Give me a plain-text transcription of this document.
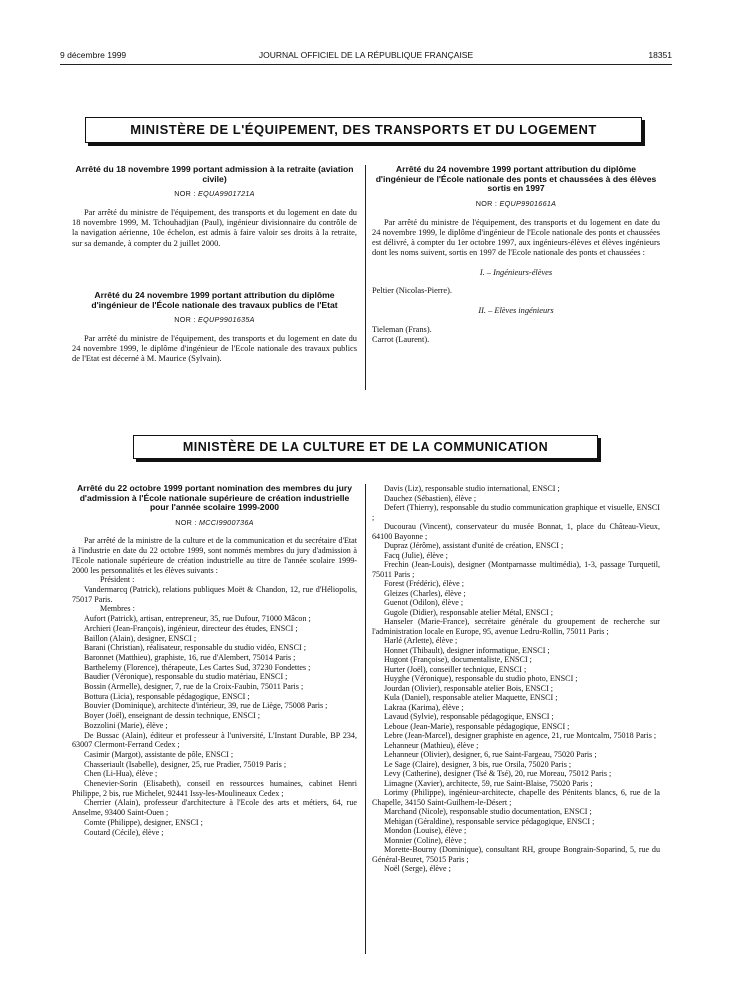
9 décembre 1999	JOURNAL OFFICIEL DE LA RÉPUBLIQUE FRANÇAISE	18351
MINISTÈRE DE L'ÉQUIPEMENT, DES TRANSPORTS ET DU LOGEMENT
Arrêté du 18 novembre 1999 portant admission à la retraite (aviation civile)
NOR : EQUA9901721A

Par arrêté du ministre de l'équipement, des transports et du logement en date du 18 novembre 1999, M. Tchouhadjian (Paul), ingénieur divisionnaire du contrôle de la navigation aérienne, 10e échelon, est admis à faire valoir ses droits à la retraite, sur sa demande, à compter du 2 juillet 2000.

Arrêté du 24 novembre 1999 portant attribution du diplôme d'ingénieur de l'École nationale des travaux publics de l'Etat
NOR : EQUP9901635A

Par arrêté du ministre de l'équipement, des transports et du logement en date du 24 novembre 1999, le diplôme d'ingénieur de l'Ecole nationale des travaux publics de l'Etat est décerné à M. Maurice (Sylvain).

Arrêté du 24 novembre 1999 portant attribution du diplôme d'ingénieur de l'École nationale des ponts et chaussées à des élèves sortis en 1997
NOR : EQUP9901661A

Par arrêté du ministre de l'équipement, des transports et du logement en date du 24 novembre 1999, le diplôme d'ingénieur de l'Ecole nationale des ponts et chaussées est délivré, à compter du 1er octobre 1997, aux ingénieurs-élèves et élèves ingénieurs dont les noms suivent, sortis en 1997 de l'Ecole nationale des ponts et chaussées :

I. – Ingénieurs-élèves

Peltier (Nicolas-Pierre).

II. – Elèves ingénieurs

Tieleman (Frans).

Carrot (Laurent).

MINISTÈRE DE LA CULTURE ET DE LA COMMUNICATION
Arrêté du 22 octobre 1999 portant nomination des membres du jury d'admission à l'École nationale supérieure de création industrielle pour l'année scolaire 1999-2000
NOR : MCCI9900736A

Par arrêté de la ministre de la culture et de la communication et du secrétaire d'Etat à l'industrie en date du 22 octobre 1999, sont nommés membres du jury d'admission à l'Ecole nationale supérieure de création industrielle au titre de l'année scolaire 1999-2000 les personnalités et les élèves suivants :

Président :

Vandermarcq (Patrick), relations publiques Moët & Chandon, 12, rue d'Héliopolis, 75017 Paris.

Membres :

Aufort (Patrick), artisan, entrepreneur, 35, rue Dufour, 71000 Mâcon ;

Archieri (Jean-François), ingénieur, directeur des études, ENSCI ;

Baillon (Alain), designer, ENSCI ;

Barani (Christian), réalisateur, responsable du studio vidéo, ENSCI ;

Baronnet (Matthieu), graphiste, 16, rue d'Alembert, 75014 Paris ;

Barthelemy (Florence), thérapeute, Les Cartes Sud, 37230 Fondettes ;

Baudier (Véronique), responsable du studio matériau, ENSCI ;

Bossin (Armelle), designer, 7, rue de la Croix-Faubin, 75011 Paris ;

Bottura (Licia), responsable pédagogique, ENSCI ;

Bouvier (Dominique), architecte d'intérieur, 39, rue de Liège, 75008 Paris ;

Boyer (Joël), enseignant de dessin technique, ENSCI ;

Bozzolini (Marie), élève ;

De Bussac (Alain), éditeur et professeur à l'université, L'Instant Durable, BP 234, 63007 Clermont-Ferrand Cedex ;

Casimir (Margot), assistante de pôle, ENSCI ;

Chasseriault (Isabelle), designer, 25, rue Pradier, 75019 Paris ;

Chen (Li-Hua), élève ;

Chenevier-Sorin (Elisabeth), conseil en ressources humaines, cabinet Henri Philippe, 2 bis, rue Michelet, 92441 Issy-les-Moulineaux Cedex ;

Cherrier (Alain), professeur d'architecture à l'Ecole des arts et métiers, 64, rue Anselme, 93400 Saint-Ouen ;

Comte (Philippe), designer, ENSCI ;

Coutard (Cécile), élève ;

Davis (Liz), responsable studio international, ENSCI ;

Dauchez (Sébastien), élève ;

Defert (Thierry), responsable du studio communication graphique et visuelle, ENSCI ;

Ducourau (Vincent), conservateur du musée Bonnat, 1, place du Château-Vieux, 64100 Bayonne ;

Dupraz (Jérôme), assistant d'unité de création, ENSCI ;

Facq (Julie), élève ;

Frechin (Jean-Louis), designer (Montparnasse multimédia), 1-3, passage Turquetil, 75011 Paris ;

Forest (Frédéric), élève ;

Gleizes (Charles), élève ;

Guenot (Odilon), élève ;

Gugole (Didier), responsable atelier Métal, ENSCI ;

Hanseler (Marie-France), secrétaire générale du groupement de recherche sur l'administration locale en Europe, 95, avenue Ledru-Rollin, 75011 Paris ;

Harlé (Arlette), élève ;

Honnet (Thibault), designer informatique, ENSCI ;

Hugont (Françoise), documentaliste, ENSCI ;

Hurter (Joël), conseiller technique, ENSCI ;

Huyghe (Véronique), responsable du studio photo, ENSCI ;

Jourdan (Olivier), responsable atelier Bois, ENSCI ;

Kula (Daniel), responsable atelier Maquette, ENSCI ;

Lakraa (Karima), élève ;

Lavaud (Sylvie), responsable pédagogique, ENSCI ;

Leboue (Jean-Marie), responsable pédagogique, ENSCI ;

Lebre (Jean-Marcel), designer graphiste en agence, 21, rue Montcalm, 75018 Paris ;

Lehanneur (Mathieu), élève ;

Lehanneur (Olivier), designer, 6, rue Saint-Fargeau, 75020 Paris ;

Le Sage (Claire), designer, 3 bis, rue Orsila, 75020 Paris ;

Levy (Catherine), designer (Tsé & Tsé), 20, rue Moreau, 75012 Paris ;

Limagne (Xavier), architecte, 59, rue Saint-Blaise, 75020 Paris ;

Lorimy (Philippe), ingénieur-architecte, chapelle des Pénitents blancs, 6, rue de la Chapelle, 34150 Saint-Guilhem-le-Désert ;

Marchand (Nicole), responsable studio documentation, ENSCI ;

Mehigan (Géraldine), responsable service pédagogique, ENSCI ;

Mondon (Louise), élève ;

Monnier (Coline), élève ;

Morette-Bourny (Dominique), consultant RH, groupe Bongrain-Soparind, 5, rue du Général-Beuret, 75015 Paris ;

Noël (Serge), élève ;
